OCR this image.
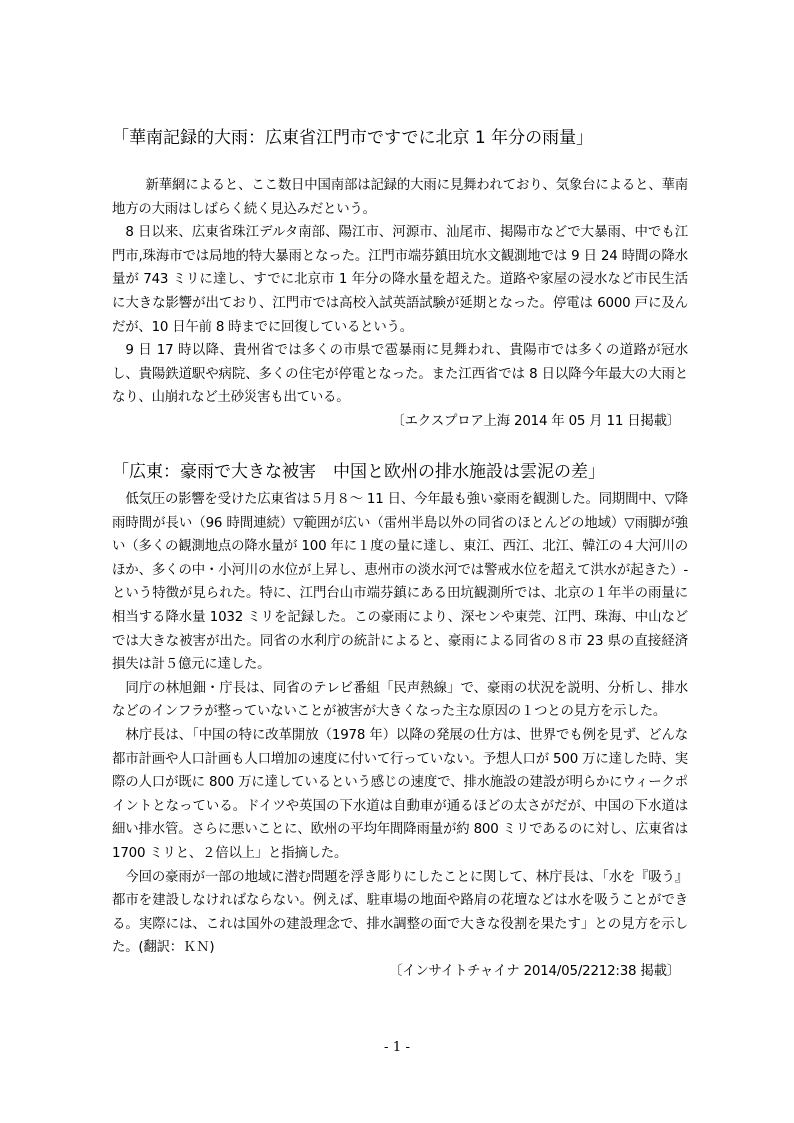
「華南記録的大雨：広東省江門市ですでに北京 1 年分の雨量」

新華網によると、ここ数日中国南部は記録的大雨に見舞われており、気象台によると、華南地方の大雨はしばらく続く見込みだという。

8 日以来、広東省珠江デルタ南部、陽江市、河源市、汕尾市、掲陽市などで大暴雨、中でも江門市,珠海市では局地的特大暴雨となった。江門市端芬鎮田坑水文観測地では 9 日 24 時間の降水量が 743 ミリに達し、すでに北京市 1 年分の降水量を超えた。道路や家屋の浸水など市民生活に大きな影響が出ており、江門市では高校入試英語試験が延期となった。停電は 6000 戸に及んだが、10 日午前 8 時までに回復しているという。

9 日 17 時以降、貴州省では多くの市県で雹暴雨に見舞われ、貴陽市では多くの道路が冠水し、貴陽鉄道駅や病院、多くの住宅が停電となった。また江西省では 8 日以降今年最大の大雨となり、山崩れなど土砂災害も出ている。

〔エクスプロア上海 2014 年 05 月 11 日掲載〕

「広東：豪雨で大きな被害　中国と欧州の排水施設は雲泥の差」

低気圧の影響を受けた広東省は５月８～ 11 日、今年最も強い豪雨を観測した。同期間中、▽降雨時間が長い（96 時間連続）▽範囲が広い（雷州半島以外の同省のほとんどの地域）▽雨脚が強い（多くの観測地点の降水量が 100 年に１度の量に達し、東江、西江、北江、韓江の４大河川のほか、多くの中・小河川の水位が上昇し、恵州市の淡水河では警戒水位を超えて洪水が起きた）-という特徴が見られた。特に、江門台山市端芬鎮にある田坑観測所では、北京の１年半の雨量に相当する降水量 1032 ミリを記録した。この豪雨により、深センや東莞、江門、珠海、中山などでは大きな被害が出た。同省の水利庁の統計によると、豪雨による同省の８市 23 県の直接経済損失は計５億元に達した。

同庁の林旭鈿・庁長は、同省のテレビ番組「民声熱線」で、豪雨の状況を説明、分析し、排水などのインフラが整っていないことが被害が大きくなった主な原因の１つとの見方を示した。

林庁長は、「中国の特に改革開放（1978 年）以降の発展の仕方は、世界でも例を見ず、どんな都市計画や人口計画も人口増加の速度に付いて行っていない。予想人口が 500 万に達した時、実際の人口が既に 800 万に達しているという感じの速度で、排水施設の建設が明らかにウィークポイントとなっている。ドイツや英国の下水道は自動車が通るほどの太さがだが、中国の下水道は細い排水管。さらに悪いことに、欧州の平均年間降雨量が約 800 ミリであるのに対し、広東省は 1700 ミリと、２倍以上」と指摘した。

今回の豪雨が一部の地域に潜む問題を浮き彫りにしたことに関して、林庁長は、「水を『吸う』都市を建設しなければならない。例えば、駐車場の地面や路肩の花壇などは水を吸うことができる。実際には、これは国外の建設理念で、排水調整の面で大きな役割を果たす」との見方を示した。(翻訳：ＫＮ)

〔インサイトチャイナ 2014/05/2212:38 掲載〕

- 1 -
